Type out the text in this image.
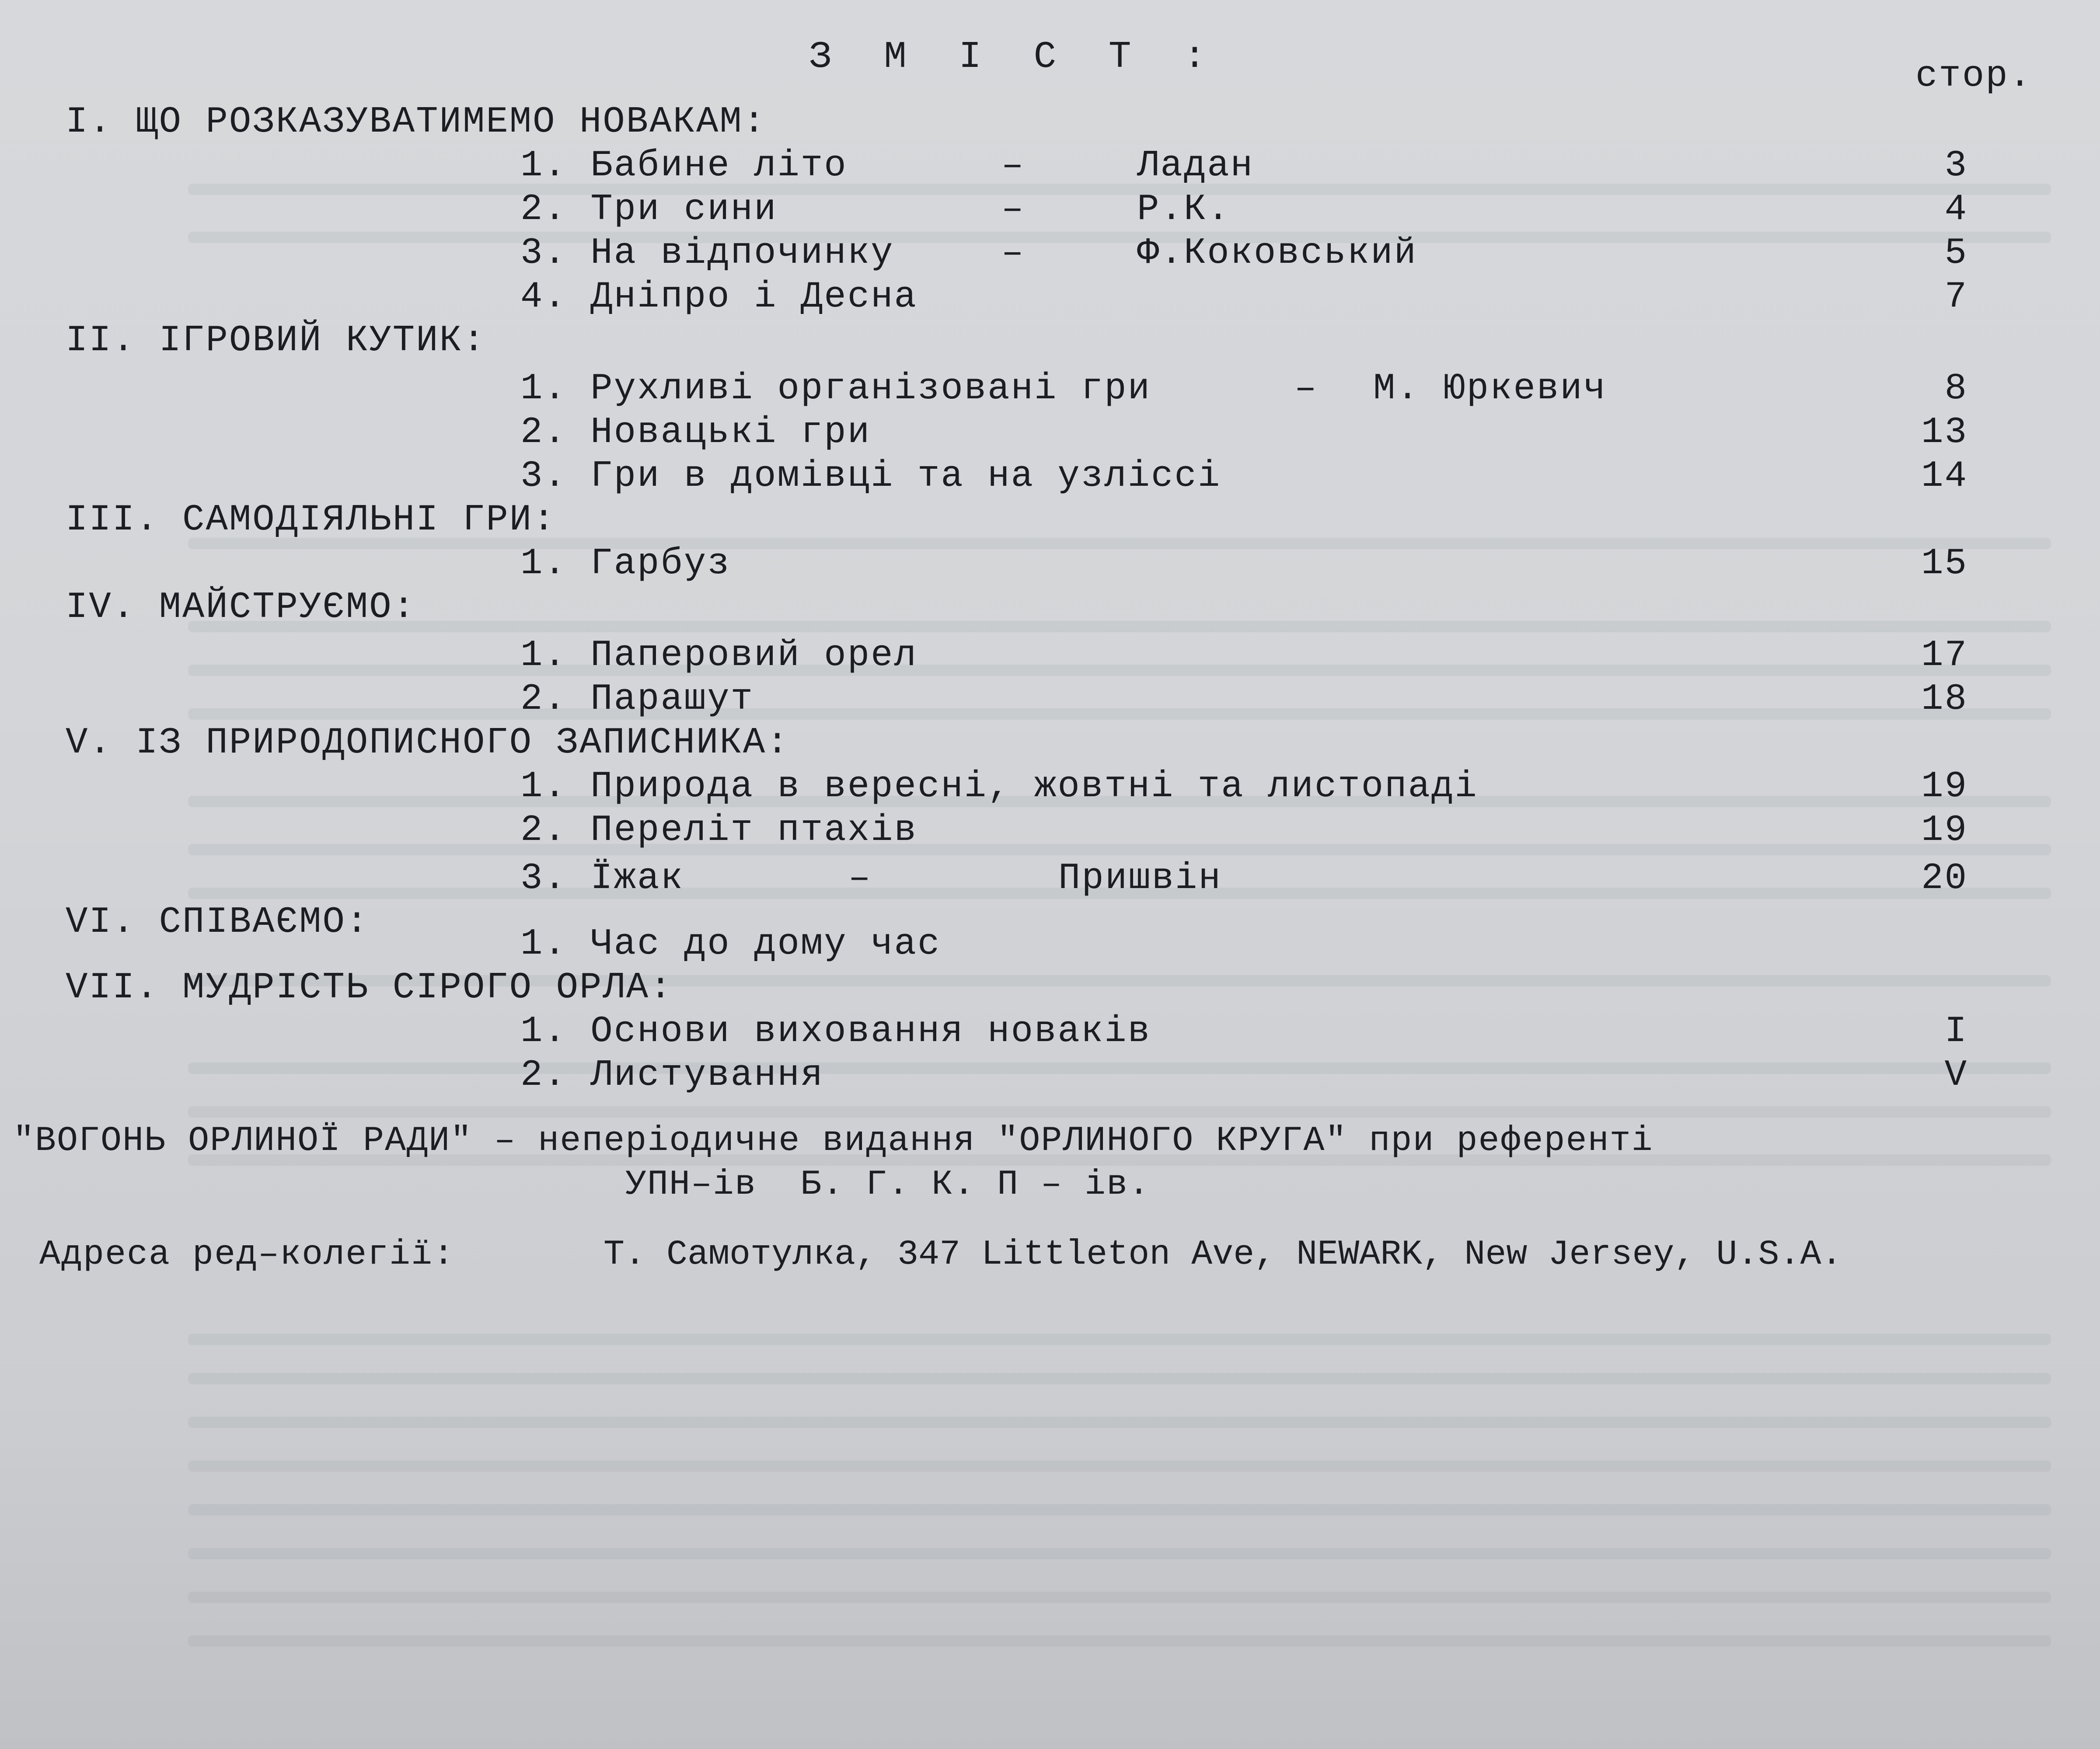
З М І С Т :	стор.
I. ЩО РОЗКАЗУВАТИМЕМО НОВАКАМ:
1. Бабине літо	–	Ладан	3
2. Три сини	–	Р.К.	4
3. На відпочинку	–	Ф.Коковський	5
4. Дніпро і Десна	7
II. ІГРОВИЙ КУТИК:
1. Рухливі організовані гри	– М. Юркевич	8
2. Новацькі гри	13
3. Гри в домівці та на узліссі	14
III. САМОДІЯЛЬНІ ГРИ:
1. Гарбуз	15
IV. МАЙСТРУЄМО:
1. Паперовий орел	17
2. Парашут	18
V. ІЗ ПРИРОДОПИСНОГО ЗАПИСНИКА:
1. Природа в вересні, жовтні та листопаді	19
2. Переліт птахів	19
3. Їжак	–	Пришвін	20
VI. СПІВАЄМО:
1. Час до дому час
VII. МУДРІСТЬ СІРОГО ОРЛА:
1. Основи виховання новаків	I
2. Листування	V
"ВОГОНЬ ОРЛИНОЇ РАДИ" – неперіодичне видання "ОРЛИНОГО КРУГА" при референті
УПН–ів  Б. Г. К. П – ів.
Адреса ред–колегії:	Т. Самотулка, 347 Littleton Ave, NEWARK, New Jersey, U.S.A.
